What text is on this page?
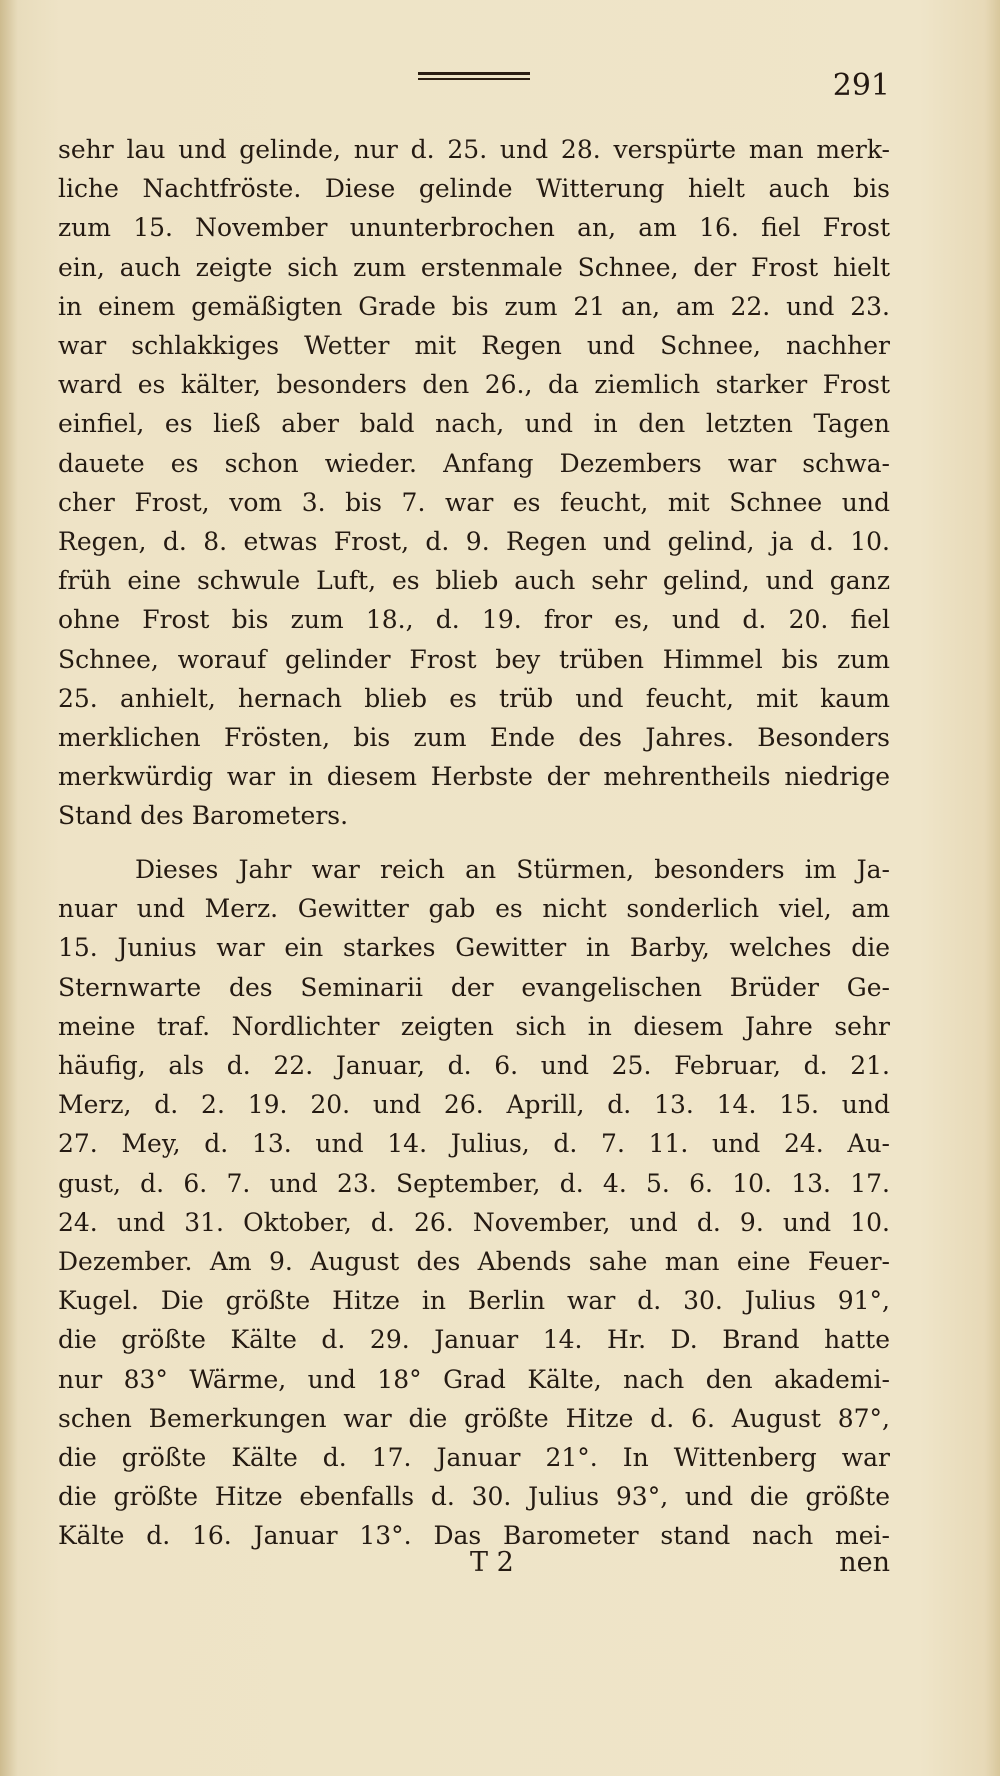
291
sehr lau und gelinde, nur d. 25. und 28. verspürte man merk-
liche Nachtfröste. Diese gelinde Witterung hielt auch bis
zum 15. November ununterbrochen an, am 16. fiel Frost
ein, auch zeigte sich zum erstenmale Schnee, der Frost hielt
in einem gemäßigten Grade bis zum 21 an, am 22. und 23.
war schlakkiges Wetter mit Regen und Schnee, nachher
ward es kälter, besonders den 26., da ziemlich starker Frost
einfiel, es ließ aber bald nach, und in den letzten Tagen
dauete es schon wieder. Anfang Dezembers war schwa-
cher Frost, vom 3. bis 7. war es feucht, mit Schnee und
Regen, d. 8. etwas Frost, d. 9. Regen und gelind, ja d. 10.
früh eine schwule Luft, es blieb auch sehr gelind, und ganz
ohne Frost bis zum 18., d. 19. fror es, und d. 20. fiel
Schnee, worauf gelinder Frost bey trüben Himmel bis zum
25. anhielt, hernach blieb es trüb und feucht, mit kaum
merklichen Frösten, bis zum Ende des Jahres. Besonders
merkwürdig war in diesem Herbste der mehrentheils niedrige
Stand des Barometers.
Dieses Jahr war reich an Stürmen, besonders im Ja-
nuar und Merz. Gewitter gab es nicht sonderlich viel, am
15. Junius war ein starkes Gewitter in Barby, welches die
Sternwarte des Seminarii der evangelischen Brüder Ge-
meine traf. Nordlichter zeigten sich in diesem Jahre sehr
häufig, als d. 22. Januar, d. 6. und 25. Februar, d. 21.
Merz, d. 2. 19. 20. und 26. Aprill, d. 13. 14. 15. und
27. Mey, d. 13. und 14. Julius, d. 7. 11. und 24. Au-
gust, d. 6. 7. und 23. September, d. 4. 5. 6. 10. 13. 17.
24. und 31. Oktober, d. 26. November, und d. 9. und 10.
Dezember. Am 9. August des Abends sahe man eine Feuer-
Kugel. Die größte Hitze in Berlin war d. 30. Julius 91°,
die größte Kälte d. 29. Januar 14. Hr. D. Brand hatte
nur 83° Wärme, und 18° Grad Kälte, nach den akademi-
schen Bemerkungen war die größte Hitze d. 6. August 87°,
die größte Kälte d. 17. Januar 21°. In Wittenberg war
die größte Hitze ebenfalls d. 30. Julius 93°, und die größte
Kälte d. 16. Januar 13°. Das Barometer stand nach mei-
T 2	nen
